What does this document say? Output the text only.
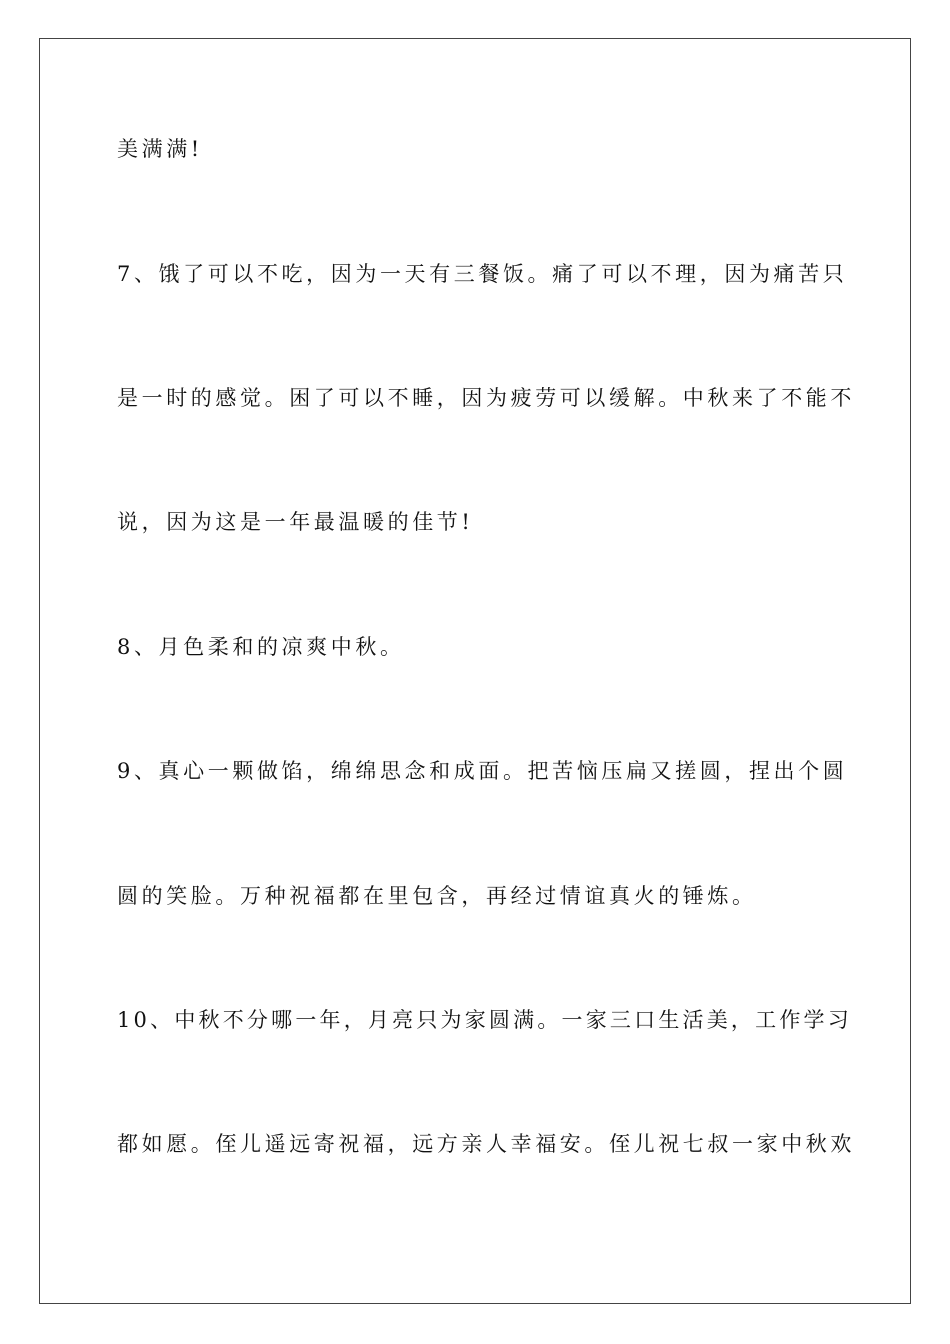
美满满!
7、饿了可以不吃，因为一天有三餐饭。痛了可以不理，因为痛苦只
是一时的感觉。困了可以不睡，因为疲劳可以缓解。中秋来了不能不
说，因为这是一年最温暖的佳节!
8、月色柔和的凉爽中秋。
9、真心一颗做馅，绵绵思念和成面。把苦恼压扁又搓圆，捏出个圆
圆的笑脸。万种祝福都在里包含，再经过情谊真火的锤炼。
10、中秋不分哪一年，月亮只为家圆满。一家三口生活美，工作学习
都如愿。侄儿遥远寄祝福，远方亲人幸福安。侄儿祝七叔一家中秋欢
